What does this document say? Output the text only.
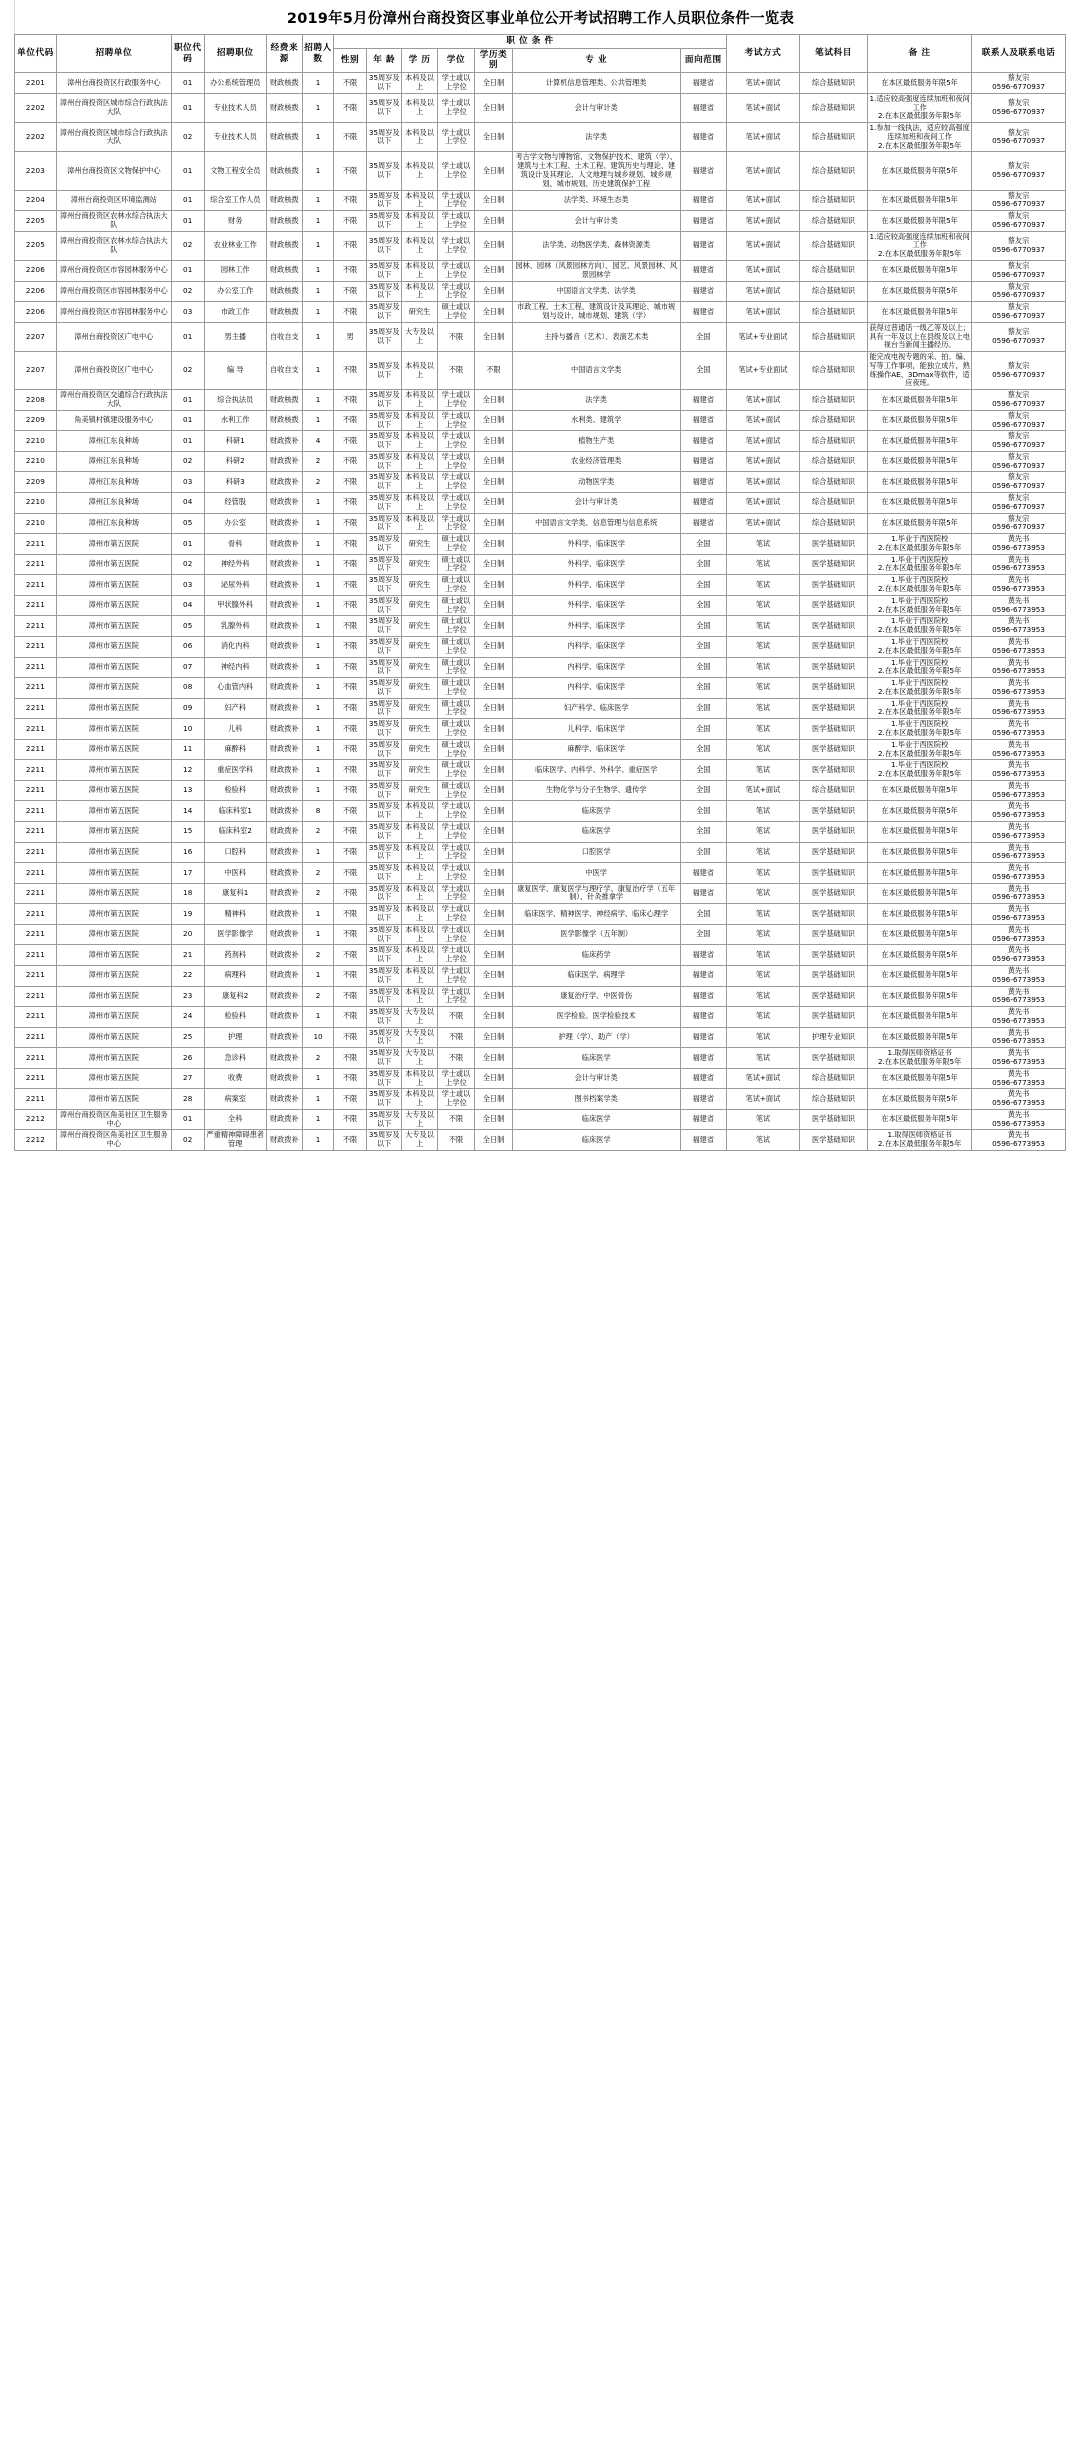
2019年5月份漳州台商投资区事业单位公开考试招聘工作人员职位条件一览表
单位代码	招聘单位	职位代码	招聘职位	经费来源	招聘人数	职 位 条 件							考试方式	笔试科目	备 注	联系人及联系电话
						性别	年 龄	学 历	学位	学历类别	专 业	面向范围				
2201	漳州台商投资区行政服务中心	01	办公系统管理员	财政核拨	1	不限	35周岁及以下	本科及以上	学士或以上学位	全日制	计算机信息管理类、公共管理类	福建省	笔试+面试	综合基础知识	在本区最低服务年限5年	蔡友宗
0596-6770937

2202	漳州台商投资区城市综合行政执法大队	01	专业技术人员	财政核拨	1	不限	35周岁及以下	本科及以上	学士或以上学位	全日制	会计与审计类	福建省	笔试+面试	综合基础知识	1.适应较高强度连续加班和夜间工作
2.在本区最低服务年限5年	蔡友宗
0596-6770937

2202	漳州台商投资区城市综合行政执法大队	02	专业技术人员	财政核拨	1	不限	35周岁及以下	本科及以上	学士或以上学位	全日制	法学类	福建省	笔试+面试	综合基础知识	1.参加一线执法，适应较高强度连续加班和夜间工作
2.在本区最低服务年限5年	蔡友宗
0596-6770937

2203	漳州台商投资区文物保护中心	01	文物工程安全员	财政核拨	1	不限	35周岁及以下	本科及以上	学士或以上学位	全日制	考古学文物与博物馆、文物保护技术、建筑（学）、建筑与土木工程、土木工程、建筑历史与理论、建筑设计及其理论、人文地理与城乡规划、城乡规划、城市规划、历史建筑保护工程	福建省	笔试+面试	综合基础知识	在本区最低服务年限5年	蔡友宗
0596-6770937

2204	漳州台商投资区环境监测站	01	综合室工作人员	财政核拨	1	不限	35周岁及以下	本科及以上	学士或以上学位	全日制	法学类、环境生态类	福建省	笔试+面试	综合基础知识	在本区最低服务年限5年	蔡友宗
0596-6770937

2205	漳州台商投资区农林水综合执法大队	01	财务	财政核拨	1	不限	35周岁及以下	本科及以上	学士或以上学位	全日制	会计与审计类	福建省	笔试+面试	综合基础知识	在本区最低服务年限5年	蔡友宗
0596-6770937

2205	漳州台商投资区农林水综合执法大队	02	农业林业工作	财政核拨	1	不限	35周岁及以下	本科及以上	学士或以上学位	全日制	法学类、动物医学类、森林资源类	福建省	笔试+面试	综合基础知识	1.适应较高强度连续加班和夜间工作
2.在本区最低服务年限5年	蔡友宗
0596-6770937

2206	漳州台商投资区市容园林服务中心	01	园林工作	财政核拨	1	不限	35周岁及以下	本科及以上	学士或以上学位	全日制	园林、园林（风景园林方向）、园艺、风景园林、风景园林学	福建省	笔试+面试	综合基础知识	在本区最低服务年限5年	蔡友宗
0596-6770937

2206	漳州台商投资区市容园林服务中心	02	办公室工作	财政核拨	1	不限	35周岁及以下	本科及以上	学士或以上学位	全日制	中国语言文学类、法学类	福建省	笔试+面试	综合基础知识	在本区最低服务年限5年	蔡友宗
0596-6770937

2206	漳州台商投资区市容园林服务中心	03	市政工作	财政核拨	1	不限	35周岁及以下	研究生	硕士或以上学位	全日制	市政工程、土木工程、建筑设计及其理论、城市规划与设计、城市规划、建筑（学）	福建省	笔试+面试	综合基础知识	在本区最低服务年限5年	蔡友宗
0596-6770937

2207	漳州台商投资区广电中心	01	男主播	自收自支	1	男	35周岁及以下	大专及以上	不限	全日制	主持与播音（艺术）、表演艺术类	全国	笔试+专业面试	综合基础知识	获得过普通话一级乙等及以上；具有一年及以上在县级及以上电视台当新闻主播经历。	蔡友宗
0596-6770937

2207	漳州台商投资区广电中心	02	编 导	自收自支	1	不限	35周岁及以下	本科及以上	不限	不限	中国语言文学类	全国	笔试+专业面试	综合基础知识	能完成电视专题的采、拍、编、写等工作事项，能独立成片，熟练操作AE、3Dmax等软件，适应夜班。	蔡友宗
0596-6770937

2208	漳州台商投资区交通综合行政执法大队	01	综合执法员	财政核拨	1	不限	35周岁及以下	本科及以上	学士或以上学位	全日制	法学类	福建省	笔试+面试	综合基础知识	在本区最低服务年限5年	蔡友宗
0596-6770937

2209	角美镇村镇建设服务中心	01	水利工作	财政核拨	1	不限	35周岁及以下	本科及以上	学士或以上学位	全日制	水利类、建筑学	福建省	笔试+面试	综合基础知识	在本区最低服务年限5年	蔡友宗
0596-6770937

2210	漳州江东良种场	01	科研1	财政拨补	4	不限	35周岁及以下	本科及以上	学士或以上学位	全日制	植物生产类	福建省	笔试+面试	综合基础知识	在本区最低服务年限5年	蔡友宗
0596-6770937

2210	漳州江东良种场	02	科研2	财政拨补	2	不限	35周岁及以下	本科及以上	学士或以上学位	全日制	农业经济管理类	福建省	笔试+面试	综合基础知识	在本区最低服务年限5年	蔡友宗
0596-6770937

2209	漳州江东良种场	03	科研3	财政拨补	2	不限	35周岁及以下	本科及以上	学士或以上学位	全日制	动物医学类	福建省	笔试+面试	综合基础知识	在本区最低服务年限5年	蔡友宗
0596-6770937

2210	漳州江东良种场	04	经管股	财政拨补	1	不限	35周岁及以下	本科及以上	学士或以上学位	全日制	会计与审计类	福建省	笔试+面试	综合基础知识	在本区最低服务年限5年	蔡友宗
0596-6770937

2210	漳州江东良种场	05	办公室	财政拨补	1	不限	35周岁及以下	本科及以上	学士或以上学位	全日制	中国语言文学类、信息管理与信息系统	福建省	笔试+面试	综合基础知识	在本区最低服务年限5年	蔡友宗
0596-6770937

2211	漳州市第五医院	01	骨科	财政拨补	1	不限	35周岁及以下	研究生	硕士或以上学位	全日制	外科学、临床医学	全国	笔试	医学基础知识	1.毕业于西医院校
2.在本区最低服务年限5年	黄先书
0596-6773953

2211	漳州市第五医院	02	神经外科	财政拨补	1	不限	35周岁及以下	研究生	硕士或以上学位	全日制	外科学、临床医学	全国	笔试	医学基础知识	1.毕业于西医院校
2.在本区最低服务年限5年	黄先书
0596-6773953

2211	漳州市第五医院	03	泌尿外科	财政拨补	1	不限	35周岁及以下	研究生	硕士或以上学位	全日制	外科学、临床医学	全国	笔试	医学基础知识	1.毕业于西医院校
2.在本区最低服务年限5年	黄先书
0596-6773953

2211	漳州市第五医院	04	甲状腺外科	财政拨补	1	不限	35周岁及以下	研究生	硕士或以上学位	全日制	外科学、临床医学	全国	笔试	医学基础知识	1.毕业于西医院校
2.在本区最低服务年限5年	黄先书
0596-6773953

2211	漳州市第五医院	05	乳腺外科	财政拨补	1	不限	35周岁及以下	研究生	硕士或以上学位	全日制	外科学、临床医学	全国	笔试	医学基础知识	1.毕业于西医院校
2.在本区最低服务年限5年	黄先书
0596-6773953

2211	漳州市第五医院	06	消化内科	财政拨补	1	不限	35周岁及以下	研究生	硕士或以上学位	全日制	内科学、临床医学	全国	笔试	医学基础知识	1.毕业于西医院校
2.在本区最低服务年限5年	黄先书
0596-6773953

2211	漳州市第五医院	07	神经内科	财政拨补	1	不限	35周岁及以下	研究生	硕士或以上学位	全日制	内科学、临床医学	全国	笔试	医学基础知识	1.毕业于西医院校
2.在本区最低服务年限5年	黄先书
0596-6773953

2211	漳州市第五医院	08	心血管内科	财政拨补	1	不限	35周岁及以下	研究生	硕士或以上学位	全日制	内科学、临床医学	全国	笔试	医学基础知识	1.毕业于西医院校
2.在本区最低服务年限5年	黄先书
0596-6773953

2211	漳州市第五医院	09	妇产科	财政拨补	1	不限	35周岁及以下	研究生	硕士或以上学位	全日制	妇产科学、临床医学	全国	笔试	医学基础知识	1.毕业于西医院校
2.在本区最低服务年限5年	黄先书
0596-6773953

2211	漳州市第五医院	10	儿科	财政拨补	1	不限	35周岁及以下	研究生	硕士或以上学位	全日制	儿科学、临床医学	全国	笔试	医学基础知识	1.毕业于西医院校
2.在本区最低服务年限5年	黄先书
0596-6773953

2211	漳州市第五医院	11	麻醉科	财政拨补	1	不限	35周岁及以下	研究生	硕士或以上学位	全日制	麻醉学、临床医学	全国	笔试	医学基础知识	1.毕业于西医院校
2.在本区最低服务年限5年	黄先书
0596-6773953

2211	漳州市第五医院	12	重症医学科	财政拨补	1	不限	35周岁及以下	研究生	硕士或以上学位	全日制	临床医学、内科学、外科学、重症医学	全国	笔试	医学基础知识	1.毕业于西医院校
2.在本区最低服务年限5年	黄先书
0596-6773953

2211	漳州市第五医院	13	检验科	财政拨补	1	不限	35周岁及以下	研究生	硕士或以上学位	全日制	生物化学与分子生物学、遗传学	全国	笔试+面试	综合基础知识	在本区最低服务年限5年	黄先书
0596-6773953

2211	漳州市第五医院	14	临床科室1	财政拨补	8	不限	35周岁及以下	本科及以上	学士或以上学位	全日制	临床医学	全国	笔试	医学基础知识	在本区最低服务年限5年	黄先书
0596-6773953

2211	漳州市第五医院	15	临床科室2	财政拨补	2	不限	35周岁及以下	本科及以上	学士或以上学位	全日制	临床医学	全国	笔试	医学基础知识	在本区最低服务年限5年	黄先书
0596-6773953

2211	漳州市第五医院	16	口腔科	财政拨补	1	不限	35周岁及以下	本科及以上	学士或以上学位	全日制	口腔医学	全国	笔试	医学基础知识	在本区最低服务年限5年	黄先书
0596-6773953

2211	漳州市第五医院	17	中医科	财政拨补	2	不限	35周岁及以下	本科及以上	学士或以上学位	全日制	中医学	福建省	笔试	医学基础知识	在本区最低服务年限5年	黄先书
0596-6773953

2211	漳州市第五医院	18	康复科1	财政拨补	2	不限	35周岁及以下	本科及以上	学士或以上学位	全日制	康复医学、康复医学与理疗学、康复治疗学（五年制）、针灸推拿学	福建省	笔试	医学基础知识	在本区最低服务年限5年	黄先书
0596-6773953

2211	漳州市第五医院	19	精神科	财政拨补	1	不限	35周岁及以下	本科及以上	学士或以上学位	全日制	临床医学、精神医学、神经病学、临床心理学	全国	笔试	医学基础知识	在本区最低服务年限5年	黄先书
0596-6773953

2211	漳州市第五医院	20	医学影像学	财政拨补	1	不限	35周岁及以下	本科及以上	学士或以上学位	全日制	医学影像学（五年制）	全国	笔试	医学基础知识	在本区最低服务年限5年	黄先书
0596-6773953

2211	漳州市第五医院	21	药剂科	财政拨补	2	不限	35周岁及以下	本科及以上	学士或以上学位	全日制	临床药学	福建省	笔试	医学基础知识	在本区最低服务年限5年	黄先书
0596-6773953

2211	漳州市第五医院	22	病理科	财政拨补	1	不限	35周岁及以下	本科及以上	学士或以上学位	全日制	临床医学、病理学	福建省	笔试	医学基础知识	在本区最低服务年限5年	黄先书
0596-6773953

2211	漳州市第五医院	23	康复科2	财政拨补	2	不限	35周岁及以下	本科及以上	学士或以上学位	全日制	康复治疗学、中医骨伤	福建省	笔试	医学基础知识	在本区最低服务年限5年	黄先书
0596-6773953

2211	漳州市第五医院	24	检验科	财政拨补	1	不限	35周岁及以下	大专及以上	不限	全日制	医学检验、医学检验技术	福建省	笔试	医学基础知识	在本区最低服务年限5年	黄先书
0596-6773953

2211	漳州市第五医院	25	护理	财政拨补	10	不限	35周岁及以下	大专及以上	不限	全日制	护理（学）、助产（学）	福建省	笔试	护理专业知识	在本区最低服务年限5年	黄先书
0596-6773953

2211	漳州市第五医院	26	急诊科	财政拨补	2	不限	35周岁及以下	大专及以上	不限	全日制	临床医学	福建省	笔试	医学基础知识	1.取得医师资格证书
2.在本区最低服务年限5年	黄先书
0596-6773953

2211	漳州市第五医院	27	收费	财政拨补	1	不限	35周岁及以下	本科及以上	学士或以上学位	全日制	会计与审计类	福建省	笔试+面试	综合基础知识	在本区最低服务年限5年	黄先书
0596-6773953

2211	漳州市第五医院	28	病案室	财政拨补	1	不限	35周岁及以下	本科及以上	学士或以上学位	全日制	图书档案学类	福建省	笔试+面试	综合基础知识	在本区最低服务年限5年	黄先书
0596-6773953

2212	漳州台商投资区角美社区卫生服务中心	01	全科	财政拨补	1	不限	35周岁及以下	大专及以上	不限	全日制	临床医学	福建省	笔试	医学基础知识	在本区最低服务年限5年	黄先书
0596-6773953

2212	漳州台商投资区角美社区卫生服务中心	02	严重精神障碍患者管理	财政拨补	1	不限	35周岁及以下	大专及以上	不限	全日制	临床医学	福建省	笔试	医学基础知识	1.取得医师资格证书
2.在本区最低服务年限5年	黄先书
0596-6773953
